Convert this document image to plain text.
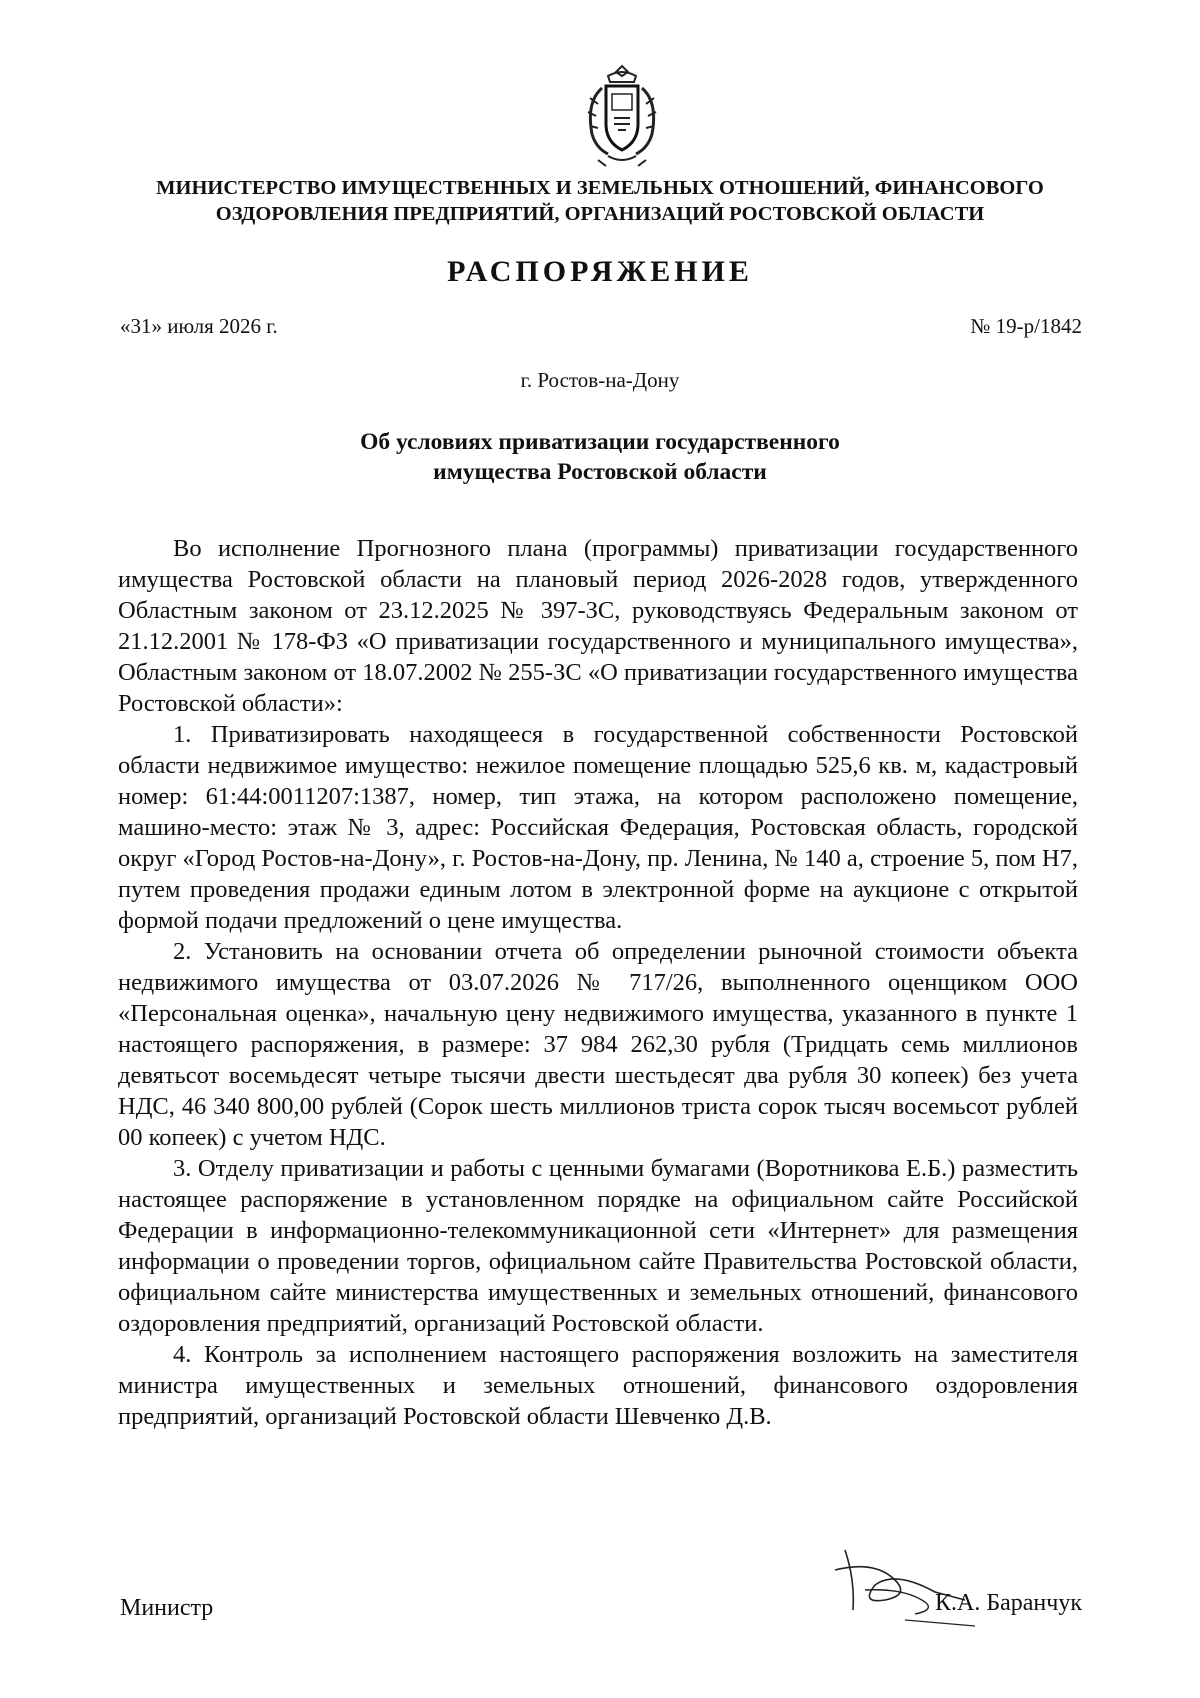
МИНИСТЕРСТВО ИМУЩЕСТВЕННЫХ И ЗЕМЕЛЬНЫХ ОТНОШЕНИЙ, ФИНАНСОВОГО
ОЗДОРОВЛЕНИЯ ПРЕДПРИЯТИЙ, ОРГАНИЗАЦИЙ РОСТОВСКОЙ ОБЛАСТИ
РАСПОРЯЖЕНИЕ
«31» июля 2026 г.	№ 19-р/1842
г. Ростов-на-Дону
Об условиях приватизации государственного
имущества Ростовской области

Во исполнение Прогнозного плана (программы) приватизации государственного имущества Ростовской области на плановый период 2026-2028 годов, утвержденного Областным законом от 23.12.2025 № 397-ЗС, руководствуясь Федеральным законом от 21.12.2001 № 178-ФЗ «О приватизации государственного и муниципального имущества», Областным законом от 18.07.2002 № 255-ЗС «О приватизации государственного имущества Ростовской области»:

1. Приватизировать находящееся в государственной собственности Ростовской области недвижимое имущество: нежилое помещение площадью 525,6 кв. м, кадастровый номер: 61:44:0011207:1387, номер, тип этажа, на котором расположено помещение, машино-место: этаж № 3, адрес: Российская Федерация, Ростовская область, городской округ «Город Ростов-на-Дону», г. Ростов-на-Дону, пр. Ленина, № 140 а, строение 5, пом Н7, путем проведения продажи единым лотом в электронной форме на аукционе с открытой формой подачи предложений о цене имущества.

2. Установить на основании отчета об определении рыночной стоимости объекта недвижимого имущества от 03.07.2026 № 717/26, выполненного оценщиком ООО «Персональная оценка», начальную цену недвижимого имущества, указанного в пункте 1 настоящего распоряжения, в размере: 37 984 262,30 рубля (Тридцать семь миллионов девятьсот восемьдесят четыре тысячи двести шестьдесят два рубля 30 копеек) без учета НДС, 46 340 800,00 рублей (Сорок шесть миллионов триста сорок тысяч восемьсот рублей 00 копеек) с учетом НДС.

3. Отделу приватизации и работы с ценными бумагами (Воротникова Е.Б.) разместить настоящее распоряжение в установленном порядке на официальном сайте Российской Федерации в информационно-телекоммуникационной сети «Интернет» для размещения информации о проведении торгов, официальном сайте Правительства Ростовской области, официальном сайте министерства имущественных и земельных отношений, финансового оздоровления предприятий, организаций Ростовской области.

4. Контроль за исполнением настоящего распоряжения возложить на заместителя министра имущественных и земельных отношений, финансового оздоровления предприятий, организаций Ростовской области Шевченко Д.В.

Министр	К.А. Баранчук
